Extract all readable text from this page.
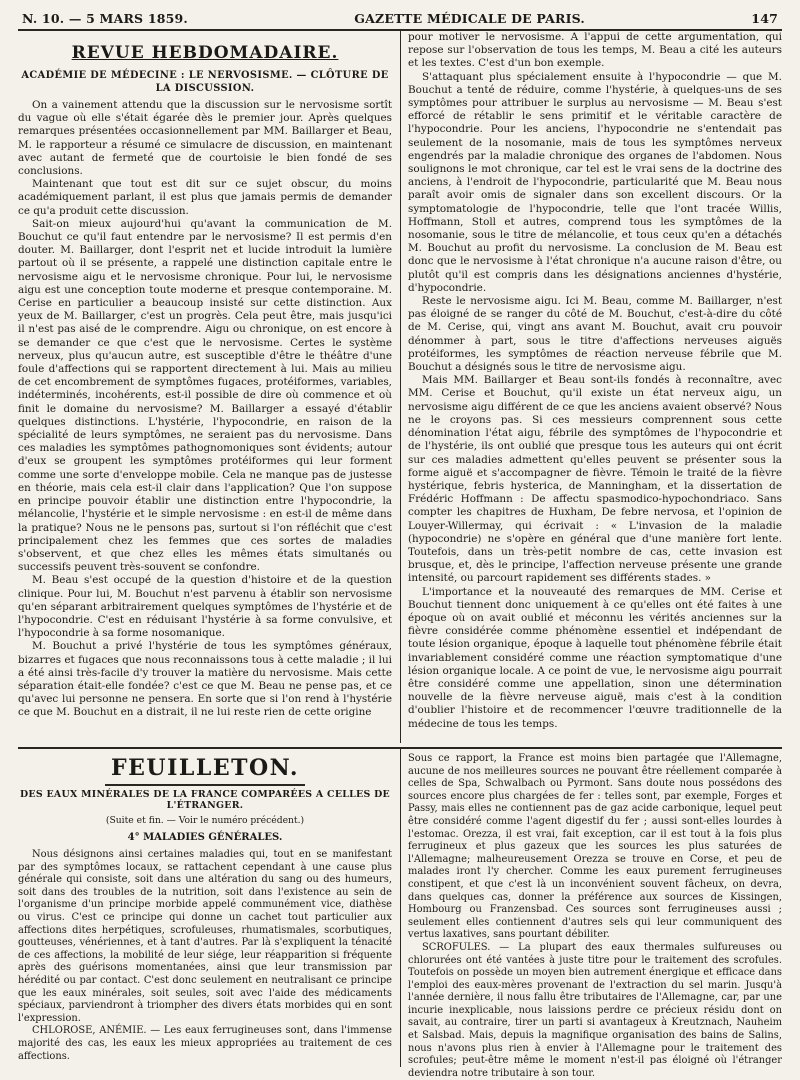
N. 10. — 5 MARS 1859.	GAZETTE MÉDICALE DE PARIS.	147
REVUE HEBDOMADAIRE.
ACADÉMIE DE MÉDECINE : LE NERVOSISME. — CLÔTURE DE LA DISCUSSION.

On a vainement attendu que la discussion sur le nervosisme sortît du vague où elle s'était égarée dès le premier jour. Après quelques remarques présentées occasionnellement par MM. Baillarger et Beau, M. le rapporteur a résumé ce simulacre de discussion, en maintenant avec autant de fermeté que de courtoisie le bien fondé de ses conclusions.

Maintenant que tout est dit sur ce sujet obscur, du moins académiquement parlant, il est plus que jamais permis de demander ce qu'a produit cette discussion.

Sait-on mieux aujourd'hui qu'avant la communication de M. Bouchut ce qu'il faut entendre par le nervosisme? Il est permis d'en douter. M. Baillarger, dont l'esprit net et lucide introduit la lumière partout où il se présente, a rappelé une distinction capitale entre le nervosisme aigu et le nervosisme chronique. Pour lui, le nervosisme aigu est une conception toute moderne et presque contemporaine. M. Cerise en particulier a beaucoup insisté sur cette distinction. Aux yeux de M. Baillarger, c'est un progrès. Cela peut être, mais jusqu'ici il n'est pas aisé de le comprendre. Aigu ou chronique, on est encore à se demander ce que c'est que le nervosisme. Certes le système nerveux, plus qu'aucun autre, est susceptible d'être le théâtre d'une foule d'affections qui se rapportent directement à lui. Mais au milieu de cet encombrement de symptômes fugaces, protéiformes, variables, indéterminés, incohérents, est-il possible de dire où commence et où finit le domaine du nervosisme? M. Baillarger a essayé d'établir quelques distinctions. L'hystérie, l'hypocondrie, en raison de la spécialité de leurs symptômes, ne seraient pas du nervosisme. Dans ces maladies les symptômes pathognomoniques sont évidents; autour d'eux se groupent les symptômes protéiformes qui leur forment comme une sorte d'enveloppe mobile. Cela ne manque pas de justesse en théorie, mais cela est-il clair dans l'application? Que l'on suppose en principe pouvoir établir une distinction entre l'hypocondrie, la mélancolie, l'hystérie et le simple nervosisme : en est-il de même dans la pratique? Nous ne le pensons pas, surtout si l'on réfléchit que c'est principalement chez les femmes que ces sortes de maladies s'observent, et que chez elles les mêmes états simultanés ou successifs peuvent très-souvent se confondre.

M. Beau s'est occupé de la question d'histoire et de la question clinique. Pour lui, M. Bouchut n'est parvenu à établir son nervosisme qu'en séparant arbitrairement quelques symptômes de l'hystérie et de l'hypocondrie. C'est en réduisant l'hystérie à sa forme convulsive, et l'hypocondrie à sa forme nosomanique.

M. Bouchut a privé l'hystérie de tous les symptômes généraux, bizarres et fugaces que nous reconnaissons tous à cette maladie ; il lui a été ainsi très-facile d'y trouver la matière du nervosisme. Mais cette séparation était-elle fondée? c'est ce que M. Beau ne pense pas, et ce qu'avec lui personne ne pensera. En sorte que si l'on rend à l'hystérie ce que M. Bouchut en a distrait, il ne lui reste rien de cette origine

pour motiver le nervosisme. A l'appui de cette argumentation, qui repose sur l'observation de tous les temps, M. Beau a cité les auteurs et les textes. C'est d'un bon exemple.

S'attaquant plus spécialement ensuite à l'hypocondrie — que M. Bouchut a tenté de réduire, comme l'hystérie, à quelques-uns de ses symptômes pour attribuer le surplus au nervosisme — M. Beau s'est efforcé de rétablir le sens primitif et le véritable caractère de l'hypocondrie. Pour les anciens, l'hypocondrie ne s'entendait pas seulement de la nosomanie, mais de tous les symptômes nerveux engendrés par la maladie chronique des organes de l'abdomen. Nous soulignons le mot chronique, car tel est le vrai sens de la doctrine des anciens, à l'endroit de l'hypocondrie, particularité que M. Beau nous paraît avoir omis de signaler dans son excellent discours. Or la symptomatologie de l'hypocondrie, telle que l'ont tracée Willis, Hoffmann, Stoll et autres, comprend tous les symptômes de la nosomanie, sous le titre de mélancolie, et tous ceux qu'en a détachés M. Bouchut au profit du nervosisme. La conclusion de M. Beau est donc que le nervosisme à l'état chronique n'a aucune raison d'être, ou plutôt qu'il est compris dans les désignations anciennes d'hystérie, d'hypocondrie.

Reste le nervosisme aigu. Ici M. Beau, comme M. Baillarger, n'est pas éloigné de se ranger du côté de M. Bouchut, c'est-à-dire du côté de M. Cerise, qui, vingt ans avant M. Bouchut, avait cru pouvoir dénommer à part, sous le titre d'affections nerveuses aiguës protéiformes, les symptômes de réaction nerveuse fébrile que M. Bouchut a désignés sous le titre de nervosisme aigu.

Mais MM. Baillarger et Beau sont-ils fondés à reconnaître, avec MM. Cerise et Bouchut, qu'il existe un état nerveux aigu, un nervosisme aigu différent de ce que les anciens avaient observé? Nous ne le croyons pas. Si ces messieurs comprennent sous cette dénomination l'état aigu, fébrile des symptômes de l'hypocondrie et de l'hystérie, ils ont oublié que presque tous les auteurs qui ont écrit sur ces maladies admettent qu'elles peuvent se présenter sous la forme aiguë et s'accompagner de fièvre. Témoin le traité de la fièvre hystérique, febris hysterica, de Manningham, et la dissertation de Frédéric Hoffmann : De affectu spasmodico-hypochondriaco. Sans compter les chapitres de Huxham, De febre nervosa, et l'opinion de Louyer-Willermay, qui écrivait : « L'invasion de la maladie (hypocondrie) ne s'opère en général que d'une manière fort lente. Toutefois, dans un très-petit nombre de cas, cette invasion est brusque, et, dès le principe, l'affection nerveuse présente une grande intensité, ou parcourt rapidement ses différents stades. »

L'importance et la nouveauté des remarques de MM. Cerise et Bouchut tiennent donc uniquement à ce qu'elles ont été faites à une époque où on avait oublié et méconnu les vérités anciennes sur la fièvre considérée comme phénomène essentiel et indépendant de toute lésion organique, époque à laquelle tout phénomène fébrile était invariablement considéré comme une réaction symptomatique d'une lésion organique locale. A ce point de vue, le nervosisme aigu pourrait être considéré comme une appellation, sinon une détermination nouvelle de la fièvre nerveuse aiguë, mais c'est à la condition d'oublier l'histoire et de recommencer l'œuvre traditionnelle de la médecine de tous les temps.

FEUILLETON.
DES EAUX MINÉRALES DE LA FRANCE COMPARÉES A CELLES DE L'ÉTRANGER.
(Suite et fin. — Voir le numéro précédent.)
4° MALADIES GÉNÉRALES.

Nous désignons ainsi certaines maladies qui, tout en se manifestant par des symptômes locaux, se rattachent cependant à une cause plus générale qui consiste, soit dans une altération du sang ou des humeurs, soit dans des troubles de la nutrition, soit dans l'existence au sein de l'organisme d'un principe morbide appelé communément vice, diathèse ou virus. C'est ce principe qui donne un cachet tout particulier aux affections dites herpétiques, scrofuleuses, rhumatismales, scorbutiques, goutteuses, vénériennes, et à tant d'autres. Par là s'expliquent la ténacité de ces affections, la mobilité de leur siége, leur réapparition si fréquente après des guérisons momentanées, ainsi que leur transmission par hérédité ou par contact. C'est donc seulement en neutralisant ce principe que les eaux minérales, soit seules, soit avec l'aide des médicaments spéciaux, parviendront à triompher des divers états morbides qui en sont l'expression.

CHLOROSE, ANÉMIE. — Les eaux ferrugineuses sont, dans l'immense majorité des cas, les eaux les mieux appropriées au traitement de ces affections.

Sous ce rapport, la France est moins bien partagée que l'Allemagne, aucune de nos meilleures sources ne pouvant être réellement comparée à celles de Spa, Schwalbach ou Pyrmont. Sans doute nous possédons des sources encore plus chargées de fer : telles sont, par exemple, Forges et Passy, mais elles ne contiennent pas de gaz acide carbonique, lequel peut être considéré comme l'agent digestif du fer ; aussi sont-elles lourdes à l'estomac. Orezza, il est vrai, fait exception, car il est tout à la fois plus ferrugineux et plus gazeux que les sources les plus saturées de l'Allemagne; malheureusement Orezza se trouve en Corse, et peu de malades iront l'y chercher. Comme les eaux purement ferrugineuses constipent, et que c'est là un inconvénient souvent fâcheux, on devra, dans quelques cas, donner la préférence aux sources de Kissingen, Hombourg ou Franzensbad. Ces sources sont ferrugineuses aussi ; seulement elles contiennent d'autres sels qui leur communiquent des vertus laxatives, sans pourtant débiliter.

SCROFULES. — La plupart des eaux thermales sulfureuses ou chlorurées ont été vantées à juste titre pour le traitement des scrofules. Toutefois on possède un moyen bien autrement énergique et efficace dans l'emploi des eaux-mères provenant de l'extraction du sel marin. Jusqu'à l'année dernière, il nous fallu être tributaires de l'Allemagne, car, par une incurie inexplicable, nous laissions perdre ce précieux résidu dont on savait, au contraire, tirer un parti si avantageux à Kreutznach, Nauheim et Salsbad. Mais, depuis la magnifique organisation des bains de Salins, nous n'avons plus rien à envier à l'Allemagne pour le traitement des scrofules; peut-être même le moment n'est-il pas éloigné où l'étranger deviendra notre tributaire à son tour.
